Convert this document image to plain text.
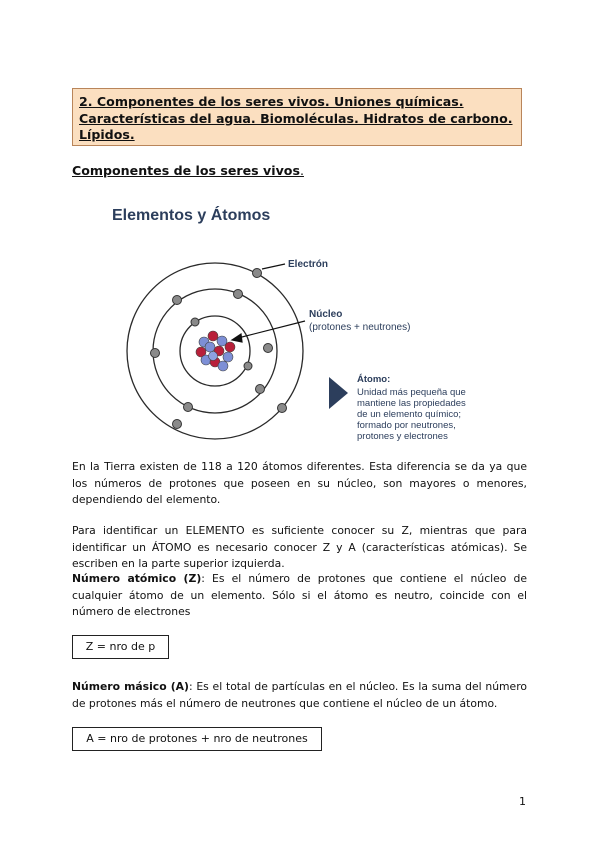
2. Componentes de los seres vivos. Uniones químicas. Características del agua. Biomoléculas. Hidratos de carbono. Lípidos.
Componentes de los seres vivos.
Elementos y Átomos
Electrón
Núcleo
(protones + neutrones)
Átomo:
Unidad más pequeña que
mantiene las propiedades
de un elemento químico;
formado por neutrones,
protones y electrones

En la Tierra existen de 118 a 120 átomos diferentes. Esta diferencia se da ya que los números de protones que poseen en su núcleo, son mayores o menores, dependiendo del elemento.

Para identificar un ELEMENTO es suficiente conocer su Z, mientras que para identificar un ÁTOMO es necesario conocer Z y A (características atómicas). Se escriben en la parte superior izquierda.

Número atómico (Z): Es el número de protones que contiene el núcleo de cualquier átomo de un elemento. Sólo si el átomo es neutro, coincide con el número de electrones

Z = nro de p

Número másico (A): Es el total de partículas en el núcleo. Es la suma del número de protones más el número de neutrones que contiene el núcleo de un átomo.

A = nro de protones + nro de neutrones
1
